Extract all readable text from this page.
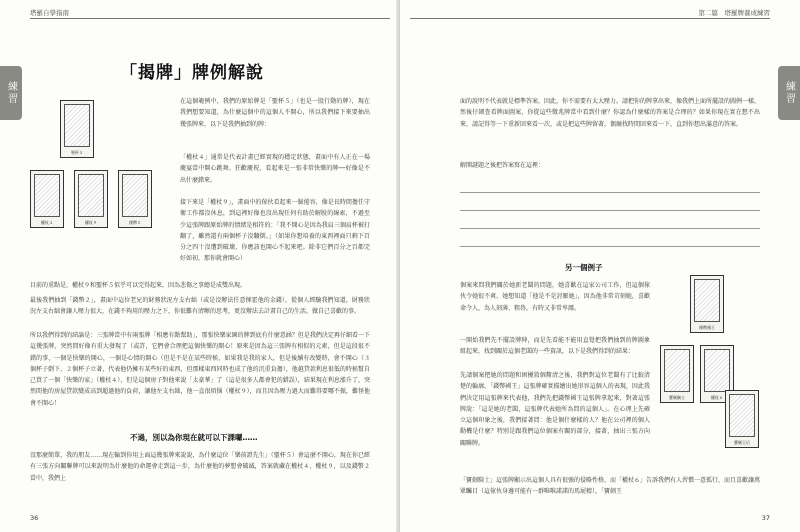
塔羅自學指南
練習
第二篇　塔羅牌養成練習
練習
「揭牌」牌例解說
聖杯５
權杖４	權杖９	錢幣２

在這個範例中，我們的原始牌是「聖杯５」（也是一股行動的牌），現在我們想要知道，為什麼這個中的這個人不開心，所以我們接下來要抽出幾張牌來，以下是我們抽到的牌：

「權杖４」通常是代表計畫已經實現的穩定狀態，畫面中有人正在一場慶宴當中開心跳舞、狂歡慶祝，看起來是一張非常快樂的牌──好像是不出什麼錯來。

接下來是「權杖９」，畫面中的傢伙看起來一臉倦容，像是長時間擔任守衛工作都沒休息，到這裡好像也沒出現任何有助於解脫的線索，不過至少這張牌跟原始牌的情緒是相符的：「我不開心是因為我肩三個肩杯被打翻了，雖然還有兩個杯子沒翻倒。」（如果你想培養的東西裡面只剩下百分之四十沒遭到破壞，你應該也開心不起來吧。除非它們百分之百都完好如初，那你就會開心）

目前的重點是，權杖９和聖杯５似乎可以完得起來，因為悲傷之事總是成雙出現。

最後我們抽到「錢幣２」，畫面中這位老兄的財務狀況左支右絀（或是沒辦法任意揮霍他的金錢），從個人經驗我們知道，財務狀況左支右絀會讓人壓力很大，在錢不夠用的壓力之下，你很難有清晰的思考，更沒辦法去計畫自己的生活，做自己喜歡的事。

所以我們得到的結論是：三張牌當中有兩張牌「相應有點幫助」，那張快樂家園的牌到底有什麼意涵？但是我們決定再仔細看一下這幾張牌，突然間好像有重大發現了（或許，它們會合理把這個快樂的開心！原來是因為這三張牌有相似的元素，但是這段很不錯的事，一個是快樂的開心，一個是心情的開心（但是不是在某些時候，如果我是我的家人，但是後續有改變時，會不開心（３個杯子倒下，２個杯子立著，代表他仍擁有某些好的東西，但那樣東西同時也成了他的沉重負擔），他越貸款利息很低的時候幫自己買了一個「快樂的家」（權杖４），但是這個房子對他來說「太豪華」了（這是很多人都會犯的錯誤），結果現在利息漲升了，突然間他的房屋貸款變成高到超過他的負荷，讓他左支右絀，他一直很煩惱（權杖９），而且因為壓力過大而難得要哪不振，難怪他會不開心！

不過，別以為你現在就可以下課囉……

沒那麼簡單，我的朋友……現在輪到你用上面這幾張牌來說說，為什麼這位「樂前證先生」（聖杯５）會這麼不開心，現在你已經有三張方向關聯牌可以來說明為什麼他的命運會走到這一步，為什麼他的夢想會破滅，答案就藏在權杖４、權杖９，以及錢幣２當中，我們上

36

面的說明不代表就是標準答案，因此，你不需要有太大壓力。請把你的牌拿出來，像我們上面所擺設的圖例一樣，然後仔細查看牌面圖案，你從這些徵兆牌當中看到什麼？你認為什麼樣的答案是合理的？如果你現在實在想不出來，請記得等一下重新回來看一次，或是把這些牌留著，偶爾找時間回來看一下，直到你想出滿意的答案。

解開謎題之後把答案寫在這裡：

另一個例子

個案來問我們關於她新老闆的問題，她喜歡在這家公司工作，但這個傢伙令她很不爽。她想知道「他是不是討厭她」，因為他非常苛刻她，喜歡命令人，為人刻薄、粗魯，有時又非常卑鄙。

一開始我們先不擺設牌陣，而是先看能不能用直覺把我們抽到的牌圖象組起來，找到關於這個老闆的一些資訊，以下是我們得到的結果：

先請個案把她的問題和困擾敘個釐清之後，我們對這位老闆有了比較清楚的輪廓，「錢幣國王」這張牌確實描繪出她形容這個人的表現，因此我們決定用這張牌來代表他，我們先把錢幣國王這張牌拿起來，對著這張牌說：「這是她的老闆，這張牌代表她所為問的這個人」。在心理上先確立這個印象之後，我們接著問：他是個什麼樣的人？他在公司裡的個人動機是什麼？特別是跟我們這位個案有關的部分，接著，抽出三張方向關聯牌。

「寶劍騎士」這張牌顯示出這個人具有很強的侵略性格，而「權杖６」告訴我們有人習慣一意孤行，而且喜歡讓萬眾矚目（這傢伙身邊可能有一群唯唯諾諾的馬屁精），「寶劍王

錢幣國王
寶劍騎士	權杖６
寶劍王后
37
